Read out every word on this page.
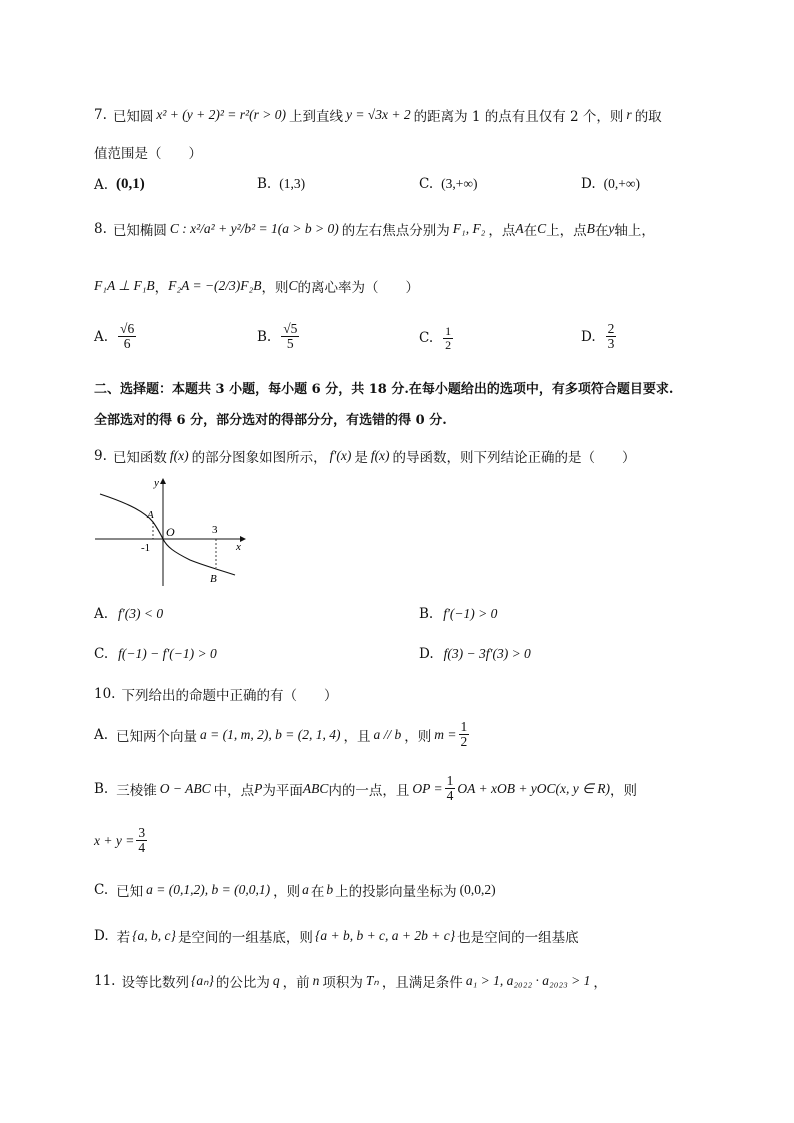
7. 已知圆 x² + (y + 2)² = r²(r > 0) 上到直线 y = √3x + 2 的距离为 1 的点有且仅有 2 个，则 r 的取
值范围是（　　）
A. (0,1)	B. (1,3)	C. (3,+∞)	D. (0,+∞)
8. 已知椭圆 C : x²/a² + y²/b² = 1(a > b > 0) 的左右焦点分别为 F₁, F₂ ，点 A 在 C 上，点 B 在 y 轴上，
F₁A ⊥ F₁B ， F₂A = −(2/3)F₂B ，则 C 的离心率为（　　）
A. $\frac{√6}{6}$	B. $\frac{√5}{5}$	C. $\frac{1}{2}$	D. $\frac{2}{3}$
二、选择题：本题共 3 小题，每小题 6 分，共 18 分.在每小题给出的选项中，有多项符合题目要求.
全部选对的得 6 分，部分选对的得部分分，有选错的得 0 分.
9. 已知函数 f(x) 的部分图象如图所示， f′(x) 是 f(x) 的导函数，则下列结论正确的是（　　）
y
x
O
A
B
-1
3
A. f′(3) < 0	B. f′(−1) > 0
C. f(−1) − f′(−1) > 0	D. f(3) − 3f′(3) > 0
10. 下列给出的命题中正确的有（　　）
A. 已知两个向量 a = (1, m, 2), b = (2, 1, 4) ，且 a // b ，则 $m = \frac{1}{2}$
B. 三棱锥 O − ABC 中，点 P 为平面 ABC 内的一点，且 OP = $\frac{1}{4}$ OA + xOB + yOC(x, y ∈ R) ，则
$x + y = \frac{3}{4}$
C. 已知 a = (0,1,2), b = (0,0,1) ，则 a 在 b 上的投影向量坐标为 (0,0,2)
D. 若 {a, b, c} 是空间的一组基底，则 {a + b, b + c, a + 2b + c} 也是空间的一组基底
11. 设等比数列 {aₙ} 的公比为 q ，前 n 项积为 Tₙ ，且满足条件 a₁ > 1, a₂₀₂₂ · a₂₀₂₃ > 1 ，
